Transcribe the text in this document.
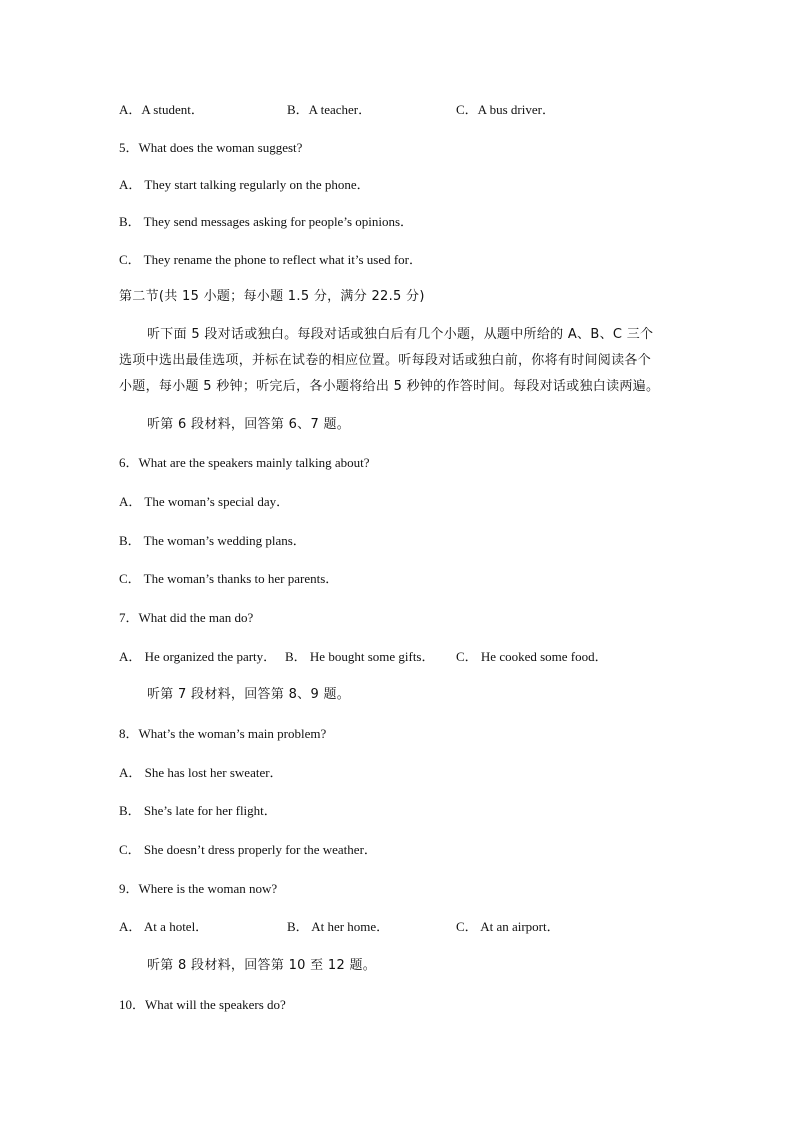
A．A student．	B．A teacher．	C．A bus driver．
5．What does the woman suggest?
A． They start talking regularly on the phone．
B． They send messages asking for people’s opinions．
C． They rename the phone to reflect what it’s used for．
第二节(共 15 小题；每小题 1.5 分，满分 22.5 分)
听下面 5 段对话或独白。每段对话或独白后有几个小题，从题中所给的 A、B、C 三个
选项中选出最佳选项，并标在试卷的相应位置。听每段对话或独白前，你将有时间阅读各个
小题，每小题 5 秒钟；听完后，各小题将给出 5 秒钟的作答时间。每段对话或独白读两遍。
听第 6 段材料，回答第 6、7 题。
6．What are the speakers mainly talking about?
A． The woman’s special day．
B． The woman’s wedding plans．
C． The woman’s thanks to her parents．
7．What did the man do?
A． He organized the party． B． He bought some gifts． C． He cooked some food．
听第 7 段材料，回答第 8、9 题。
8．What’s the woman’s main problem?
A． She has lost her sweater．
B． She’s late for her flight．
C． She doesn’t dress properly for the weather．
9．Where is the woman now?
A． At a hotel．	B． At her home．	C． At an airport．
听第 8 段材料，回答第 10 至 12 题。
10．What will the speakers do?
